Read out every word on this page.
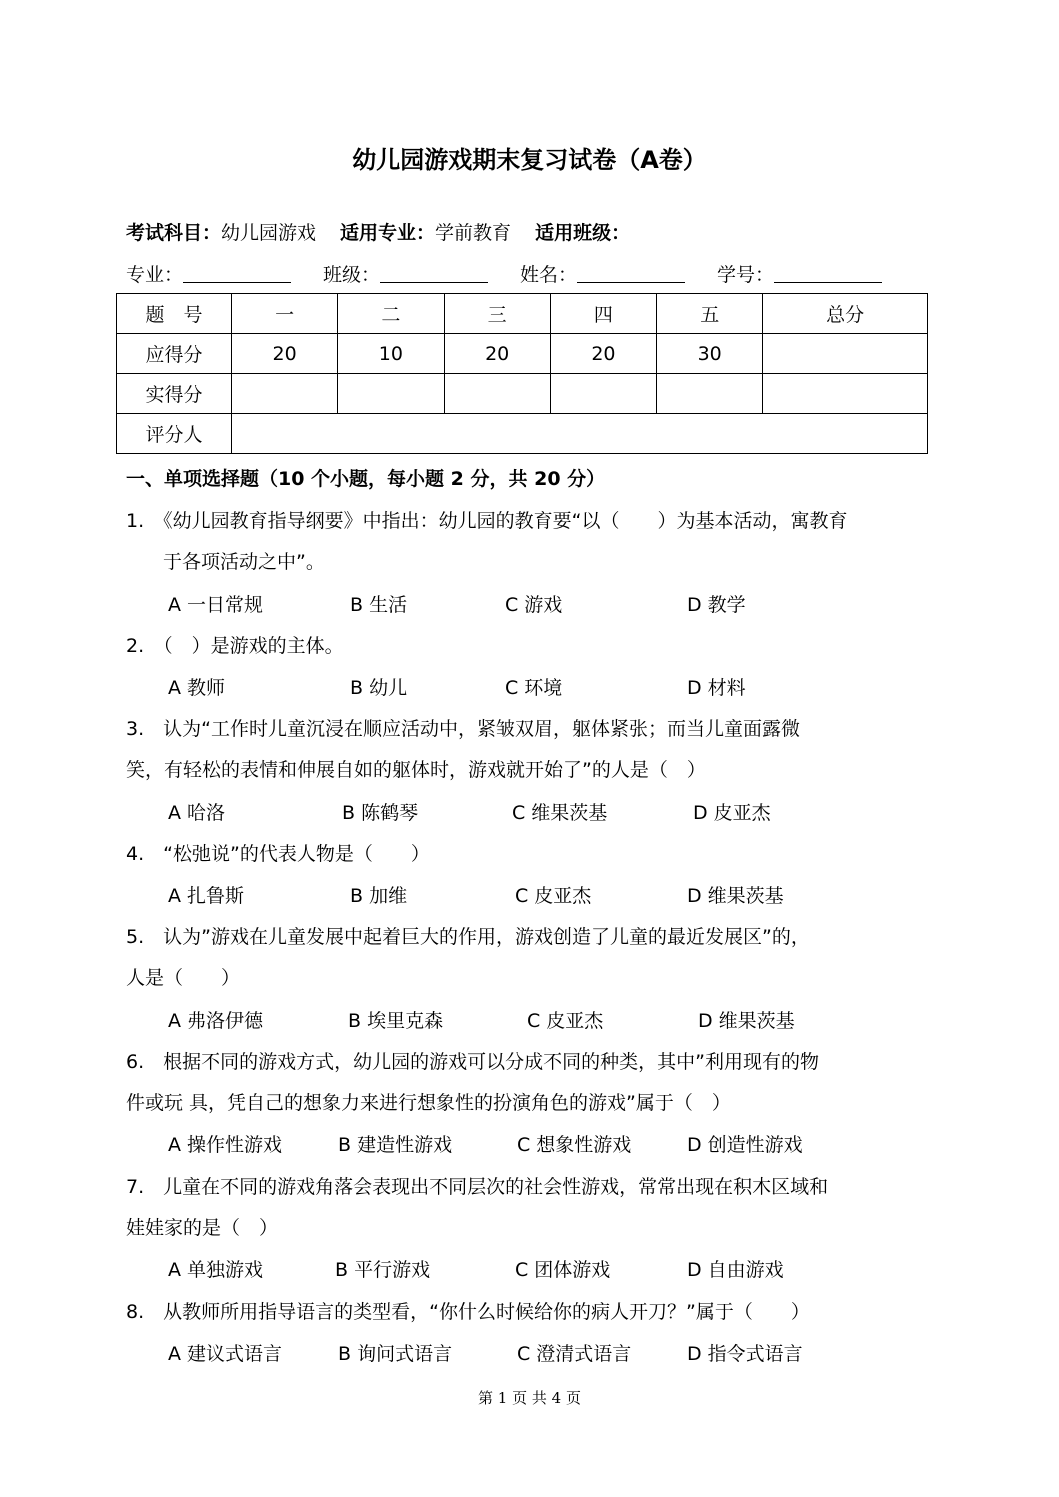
幼儿园游戏期末复习试卷（A卷）
考试科目：幼儿园游戏 适用专业：学前教育 适用班级：
专业：	班级：	姓名：	学号：
题　号	一	二	三	四	五	总分
应得分	20	10	20	20	30	
实得分						
评分人						
一、单项选择题（10 个小题，每小题 2 分，共 20 分）
1.　《幼儿园教育指导纲要》中指出：幼儿园的教育要“以（　　）为基本活动，寓教育
于各项活动之中”。
A 一日常规	B 生活	C 游戏	D 教学
2.　（　）是游戏的主体。
A 教师	B 幼儿	C 环境	D 材料
3.　认为“工作时儿童沉浸在顺应活动中，紧皱双眉，躯体紧张；而当儿童面露微
笑，有轻松的表情和伸展自如的躯体时，游戏就开始了”的人是（　）
A 哈洛	B 陈鹤琴	C 维果茨基	D 皮亚杰
4.　“松弛说”的代表人物是（　　）
A 扎鲁斯	B 加维	C 皮亚杰	D 维果茨基
5.　认为”游戏在儿童发展中起着巨大的作用，游戏创造了儿童的最近发展区”的，
人是（　　）
A 弗洛伊德	B 埃里克森	C 皮亚杰	D 维果茨基
6.　根据不同的游戏方式，幼儿园的游戏可以分成不同的种类，其中”利用现有的物
件或玩 具，凭自己的想象力来进行想象性的扮演角色的游戏”属于（　）
A 操作性游戏	B 建造性游戏	C 想象性游戏	D 创造性游戏
7.　儿童在不同的游戏角落会表现出不同层次的社会性游戏，常常出现在积木区域和
娃娃家的是（　）
A 单独游戏	B 平行游戏	C 团体游戏	D 自由游戏
8.　从教师所用指导语言的类型看，“你什么时候给你的病人开刀？”属于（　　）
A 建议式语言	B 询问式语言	C 澄清式语言	D 指令式语言
第 1 页 共 4 页
